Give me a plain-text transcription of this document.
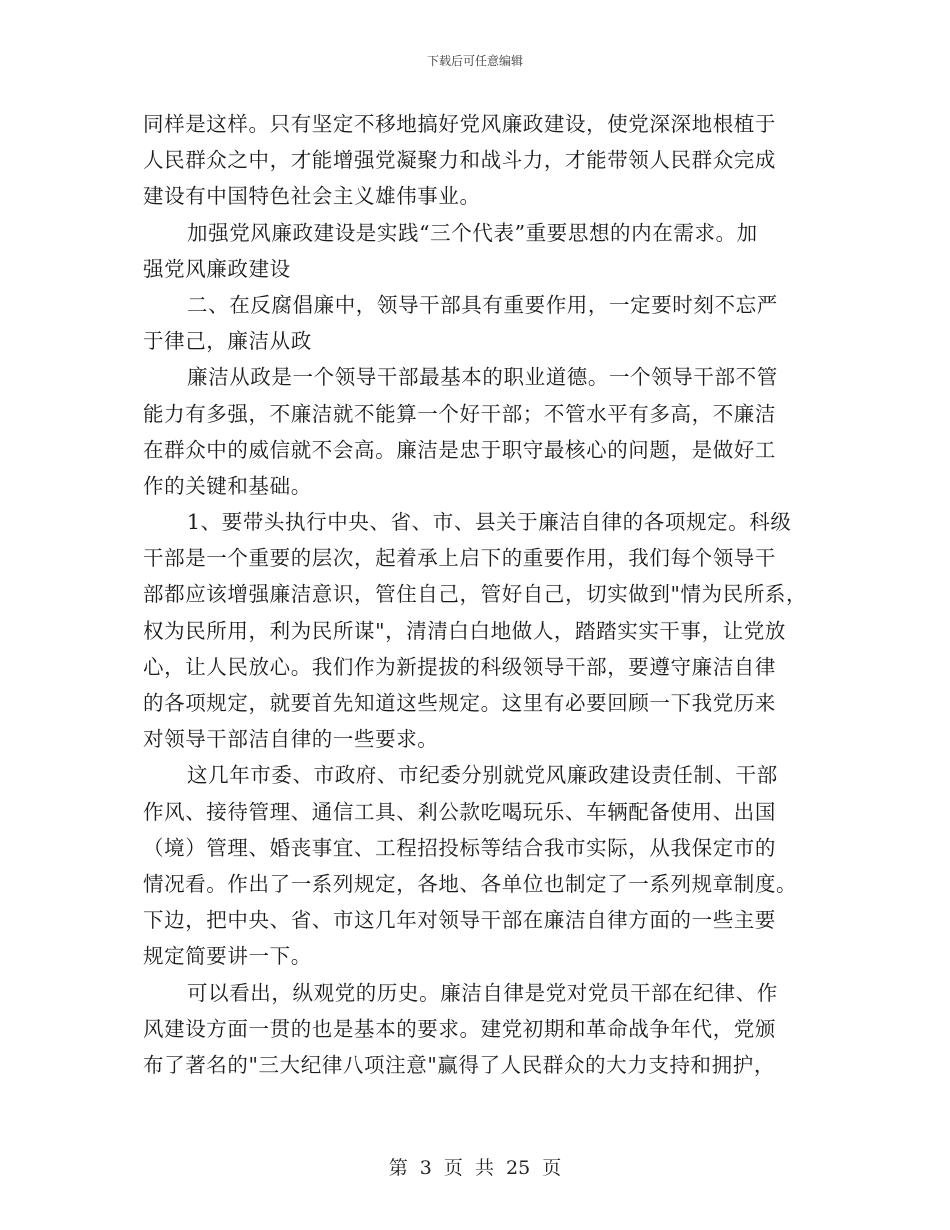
下载后可任意编辑
同样是这样。只有坚定不移地搞好党风廉政建设，使党深深地根植于
人民群众之中，才能增强党凝聚力和战斗力，才能带领人民群众完成
建设有中国特色社会主义雄伟事业。
加强党风廉政建设是实践“三个代表”重要思想的内在需求。加
强党风廉政建设
二、在反腐倡廉中，领导干部具有重要作用，一定要时刻不忘严
于律己，廉洁从政
廉洁从政是一个领导干部最基本的职业道德。一个领导干部不管
能力有多强，不廉洁就不能算一个好干部；不管水平有多高，不廉洁
在群众中的威信就不会高。廉洁是忠于职守最核心的问题，是做好工
作的关键和基础。
1、要带头执行中央、省、市、县关于廉洁自律的各项规定。科级
干部是一个重要的层次，起着承上启下的重要作用，我们每个领导干
部都应该增强廉洁意识，管住自己，管好自己，切实做到"情为民所系，
权为民所用，利为民所谋"，清清白白地做人，踏踏实实干事，让党放
心，让人民放心。我们作为新提拔的科级领导干部，要遵守廉洁自律
的各项规定，就要首先知道这些规定。这里有必要回顾一下我党历来
对领导干部洁自律的一些要求。
这几年市委、市政府、市纪委分别就党风廉政建设责任制、干部
作风、接待管理、通信工具、剎公款吃喝玩乐、车辆配备使用、出国
（境）管理、婚丧事宜、工程招投标等结合我市实际，从我保定市的
情况看。作出了一系列规定，各地、各单位也制定了一系列规章制度。
下边，把中央、省、市这几年对领导干部在廉洁自律方面的一些主要
规定简要讲一下。
可以看出，纵观党的历史。廉洁自律是党对党员干部在纪律、作
风建设方面一贯的也是基本的要求。建党初期和革命战争年代，党颁
布了著名的"三大纪律八项注意"赢得了人民群众的大力支持和拥护，
第 3 页 共 25 页
